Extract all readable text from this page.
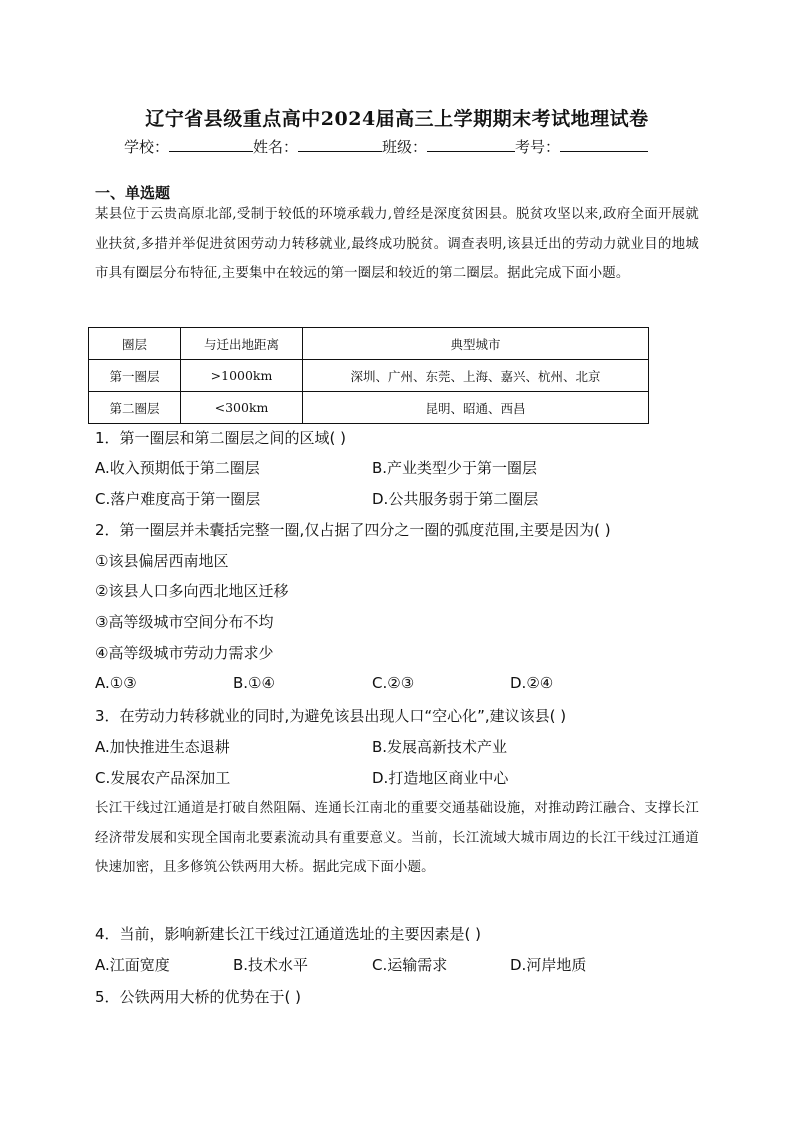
辽宁省县级重点高中2024届高三上学期期末考试地理试卷
学校：	姓名：	班级：	考号：
一、单选题
某县位于云贵高原北部,受制于较低的环境承载力,曾经是深度贫困县。脱贫攻坚以来,政府全面开展就业扶贫,多措并举促进贫困劳动力转移就业,最终成功脱贫。调查表明,该县迁出的劳动力就业目的地城市具有圈层分布特征,主要集中在较远的第一圈层和较近的第二圈层。据此完成下面小题。
圈层	与迁出地距离	典型城市
第一圈层	>1000km	深圳、广州、东莞、上海、嘉兴、杭州、北京
第二圈层	<300km	昆明、昭通、西昌
1．第一圈层和第二圈层之间的区域( )
A.收入预期低于第二圈层	B.产业类型少于第一圈层
C.落户难度高于第一圈层	D.公共服务弱于第二圈层
2．第一圈层并未囊括完整一圈,仅占据了四分之一圈的弧度范围,主要是因为( )
①该县偏居西南地区
②该县人口多向西北地区迁移
③高等级城市空间分布不均
④高等级城市劳动力需求少
A.①③	B.①④	C.②③	D.②④
3．在劳动力转移就业的同时,为避免该县出现人口“空心化”,建议该县( )
A.加快推进生态退耕	B.发展高新技术产业
C.发展农产品深加工	D.打造地区商业中心
长江干线过江通道是打破自然阻隔、连通长江南北的重要交通基础设施，对推动跨江融合、支撑长江经济带发展和实现全国南北要素流动具有重要意义。当前，长江流域大城市周边的长江干线过江通道快速加密，且多修筑公铁两用大桥。据此完成下面小题。
4．当前，影响新建长江干线过江通道选址的主要因素是( )
A.江面宽度	B.技术水平	C.运输需求	D.河岸地质
5．公铁两用大桥的优势在于( )
